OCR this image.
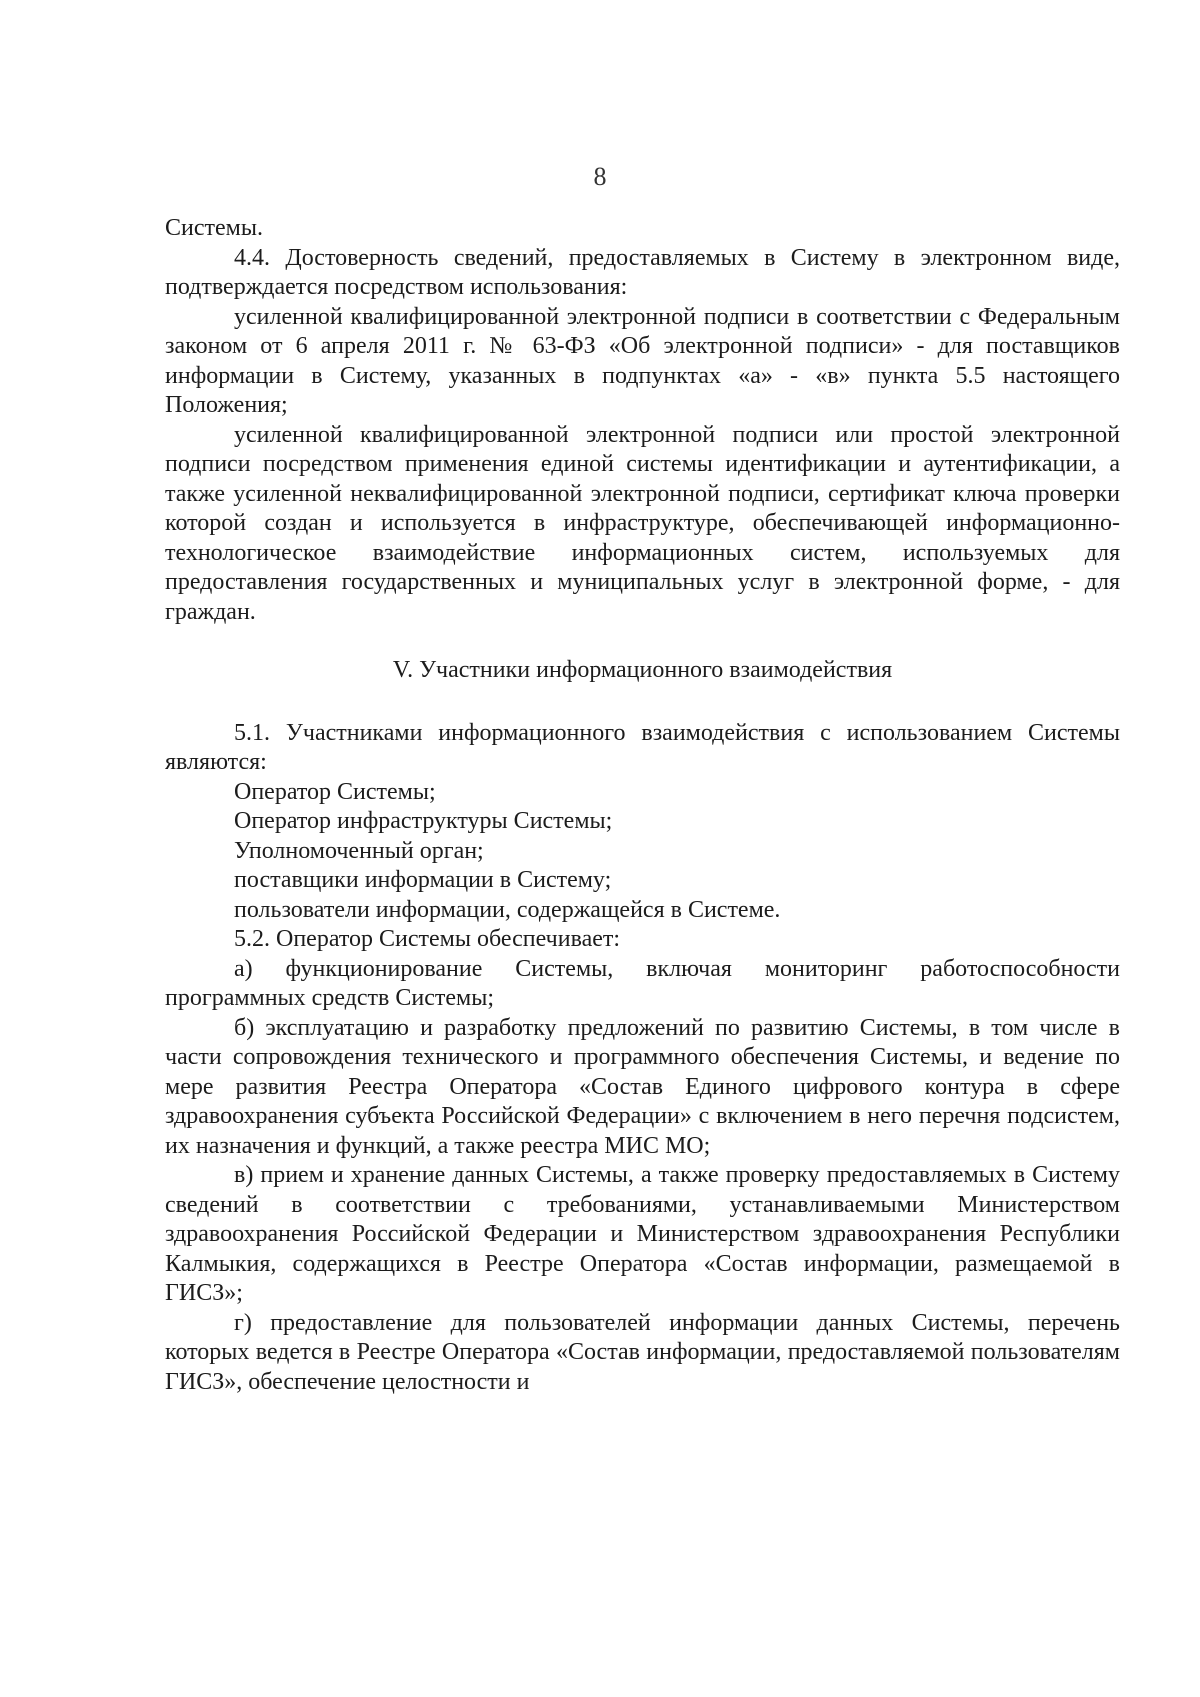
8

Системы.

4.4. Достоверность сведений, предоставляемых в Систему в электронном виде, подтверждается посредством использования:

усиленной квалифицированной электронной подписи в соответствии с Федеральным законом от 6 апреля 2011 г. № 63-ФЗ «Об электронной подписи» - для поставщиков информации в Систему, указанных в подпунктах «а» - «в» пункта 5.5 настоящего Положения;

усиленной квалифицированной электронной подписи или простой электронной подписи посредством применения единой системы идентификации и аутентификации, а также усиленной неквалифицированной электронной подписи, сертификат ключа проверки которой создан и используется в инфраструктуре, обеспечивающей информационно-технологическое взаимодействие информационных систем, используемых для предоставления государственных и муниципальных услуг в электронной форме, - для граждан.

V. Участники информационного взаимодействия

5.1. Участниками информационного взаимодействия с использованием Системы являются:

Оператор Системы;

Оператор инфраструктуры Системы;

Уполномоченный орган;

поставщики информации в Систему;

пользователи информации, содержащейся в Системе.

5.2. Оператор Системы обеспечивает:

а) функционирование Системы, включая мониторинг работоспособности программных средств Системы;

б) эксплуатацию и разработку предложений по развитию Системы, в том числе в части сопровождения технического и программного обеспечения Системы, и ведение по мере развития Реестра Оператора «Состав Единого цифрового контура в сфере здравоохранения субъекта Российской Федерации» с включением в него перечня подсистем, их назначения и функций, а также реестра МИС МО;

в) прием и хранение данных Системы, а также проверку предоставляемых в Систему сведений в соответствии с требованиями, устанавливаемыми Министерством здравоохранения Российской Федерации и Министерством здравоохранения Республики Калмыкия, содержащихся в Реестре Оператора «Состав информации, размещаемой в ГИСЗ»;

г) предоставление для пользователей информации данных Системы, перечень которых ведется в Реестре Оператора «Состав информации, предоставляемой пользователям ГИСЗ», обеспечение целостности и
